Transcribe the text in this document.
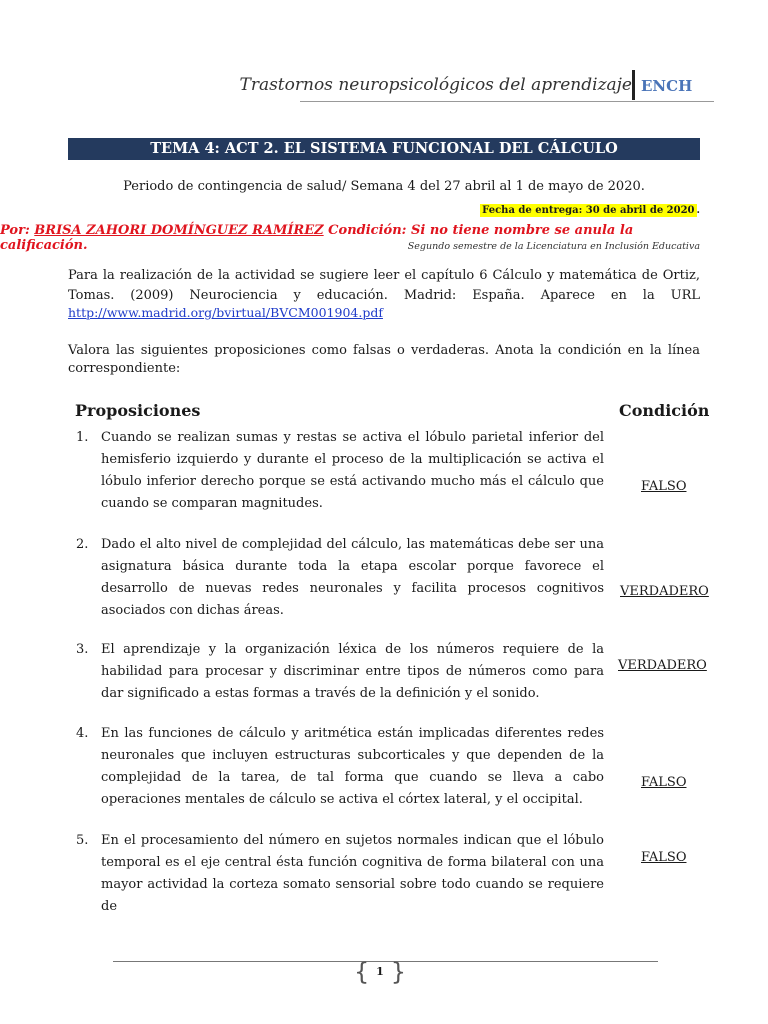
Trastornos neuropsicológicos del aprendizaje ENCH
TEMA 4: ACT 2. EL SISTEMA FUNCIONAL DEL CÁLCULO
Periodo de contingencia de salud/ Semana 4 del 27 abril al 1 de mayo de 2020.
Fecha de entrega: 30 de abril de 2020 .
Por: BRISA ZAHORI DOMÍNGUEZ RAMÍREZ Condición: Si no tiene nombre se anula la calificación.	Segundo semestre de la Licenciatura en Inclusión Educativa
Para la realización de la actividad se sugiere leer el capítulo 6 Cálculo y matemática de Ortiz,
Tomas. (2009) Neurociencia y educación. Madrid: España. Aparece en la URL
http://www.madrid.org/bvirtual/BVCM001904.pdf
Valora las siguientes proposiciones como falsas o verdaderas. Anota la condición en la línea correspondiente:
Proposiciones	Condición
1. Cuando se realizan sumas y restas se activa el lóbulo parietal inferior del hemisferio izquierdo y durante el proceso de la multiplicación se activa el lóbulo inferior derecho porque se está activando mucho más el cálculo que cuando se comparan magnitudes.
FALSO
2. Dado el alto nivel de complejidad del cálculo, las matemáticas debe ser una asignatura básica durante toda la etapa escolar porque favorece el desarrollo de nuevas redes neuronales y facilita procesos cognitivos asociados con dichas áreas.
VERDADERO
3. El aprendizaje y la organización léxica de los números requiere de la habilidad para procesar y discriminar entre tipos de números como para dar significado a estas formas a través de la definición y el sonido.
VERDADERO
4. En las funciones de cálculo y aritmética están implicadas diferentes redes neuronales que incluyen estructuras subcorticales y que dependen de la complejidad de la tarea, de tal forma que cuando se lleva a cabo operaciones mentales de cálculo se activa el córtex lateral, y el occipital.
FALSO
5. En el procesamiento del número en sujetos normales indican que el lóbulo temporal es el eje central ésta función cognitiva de forma bilateral con una mayor actividad la corteza somato sensorial sobre todo cuando se requiere de
FALSO
{ 1 }
